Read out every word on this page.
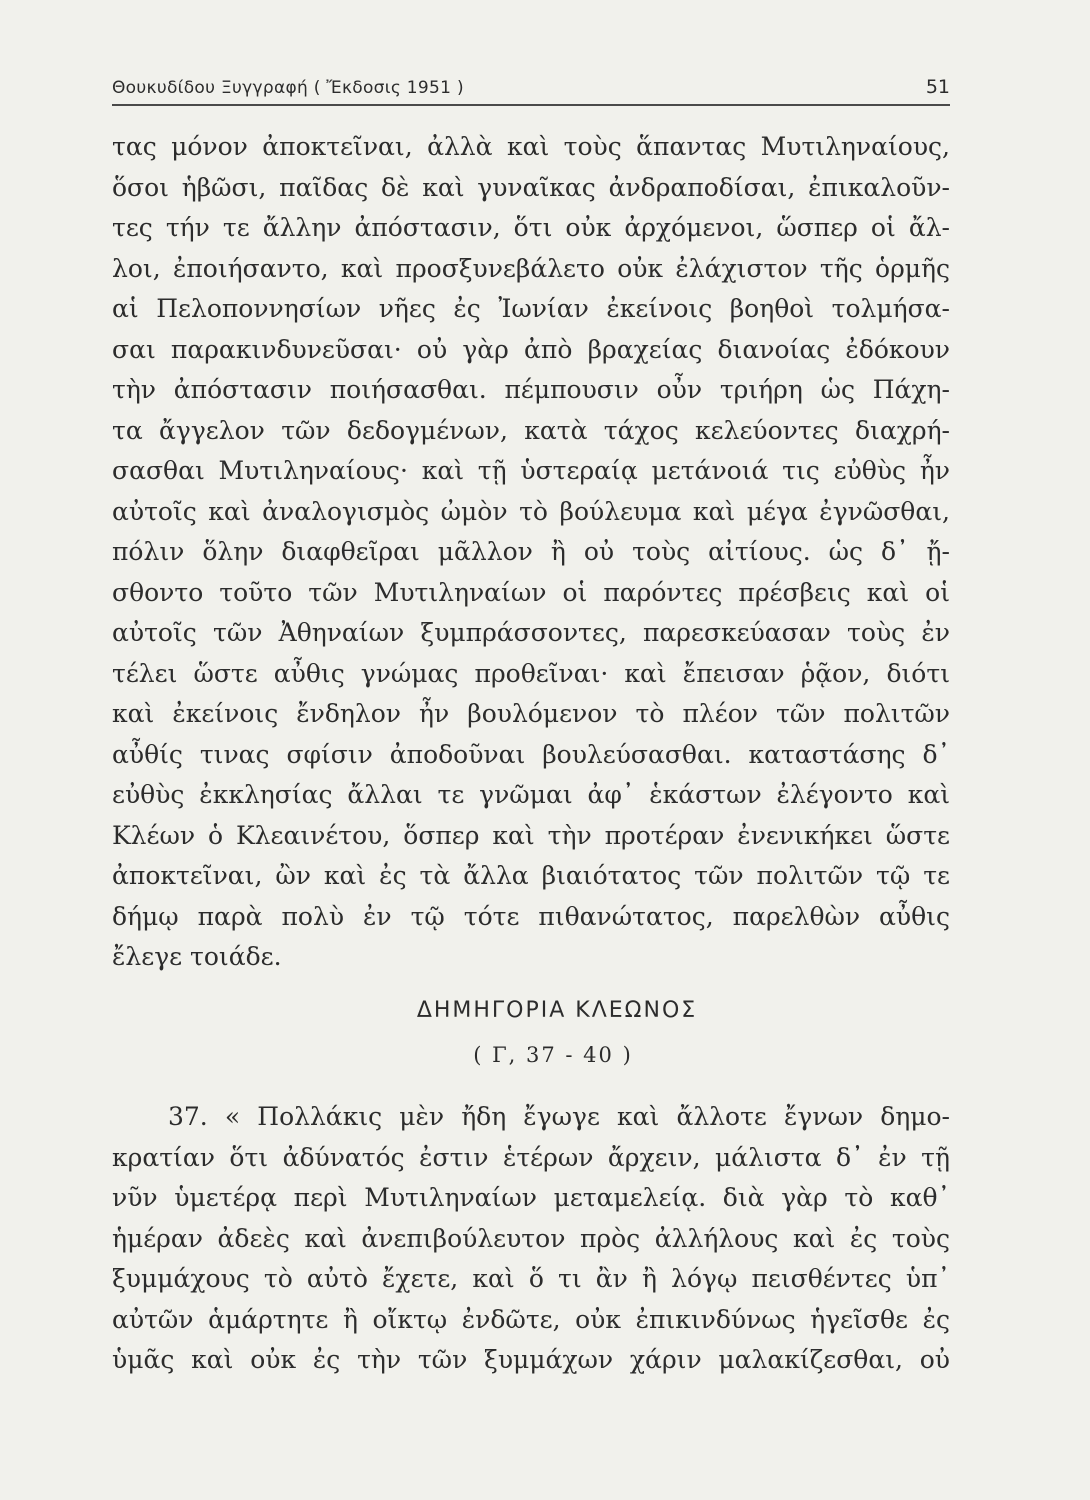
Θουκυδίδου Ξυγγραφή ( Ἔκδοσις 1951 )	51
τας μόνον ἀποκτεῖναι, ἀλλὰ καὶ τοὺς ἅπαντας Μυτιληναίους,
ὅσοι ἡβῶσι, παῖδας δὲ καὶ γυναῖκας ἀνδραποδίσαι, ἐπικαλοῦν-
τες τήν τε ἄλλην ἀπόστασιν, ὅτι οὐκ ἀρχόμενοι, ὥσπερ οἱ ἄλ-
λοι, ἐποιήσαντο, καὶ προσξυνεβάλετο οὐκ ἐλάχιστον τῆς ὁρμῆς
αἱ Πελοποννησίων νῆες ἐς Ἰωνίαν ἐκείνοις βοηθοὶ τολμήσα-
σαι παρακινδυνεῦσαι· οὐ γὰρ ἀπὸ βραχείας διανοίας ἐδόκουν
τὴν ἀπόστασιν ποιήσασθαι. πέμπουσιν οὖν τριήρη ὡς Πάχη-
τα ἄγγελον τῶν δεδογμένων, κατὰ τάχος κελεύοντες διαχρή-
σασθαι Μυτιληναίους· καὶ τῇ ὑστεραίᾳ μετάνοιά τις εὐθὺς ἦν
αὐτοῖς καὶ ἀναλογισμὸς ὠμὸν τὸ βούλευμα καὶ μέγα ἐγνῶσθαι,
πόλιν ὅλην διαφθεῖραι μᾶλλον ἢ οὐ τοὺς αἰτίους. ὡς δ᾽ ᾔ-
σθοντο τοῦτο τῶν Μυτιληναίων οἱ παρόντες πρέσβεις καὶ οἱ
αὐτοῖς τῶν Ἀθηναίων ξυμπράσσοντες, παρεσκεύασαν τοὺς ἐν
τέλει ὥστε αὖθις γνώμας προθεῖναι· καὶ ἔπεισαν ῥᾷον, διότι
καὶ ἐκείνοις ἔνδηλον ἦν βουλόμενον τὸ πλέον τῶν πολιτῶν
αὖθίς τινας σφίσιν ἀποδοῦναι βουλεύσασθαι. καταστάσης δ᾽
εὐθὺς ἐκκλησίας ἄλλαι τε γνῶμαι ἀφ᾽ ἑκάστων ἐλέγοντο καὶ
Κλέων ὁ Κλεαινέτου, ὅσπερ καὶ τὴν προτέραν ἐνενικήκει ὥστε
ἀποκτεῖναι, ὢν καὶ ἐς τὰ ἄλλα βιαιότατος τῶν πολιτῶν τῷ τε
δήμῳ παρὰ πολὺ ἐν τῷ τότε πιθανώτατος, παρελθὼν αὖθις
ἔλεγε τοιάδε.
ΔΗΜΗΓΟΡΙΑ ΚΛΕΩΝΟΣ
( Γ, 37 - 40 )
37. « Πολλάκις μὲν ἤδη ἔγωγε καὶ ἄλλοτε ἔγνων δημο-
κρατίαν ὅτι ἀδύνατός ἐστιν ἑτέρων ἄρχειν, μάλιστα δ᾽ ἐν τῇ
νῦν ὑμετέρᾳ περὶ Μυτιληναίων μεταμελείᾳ. διὰ γὰρ τὸ καθ᾽
ἡμέραν ἀδεὲς καὶ ἀνεπιβούλευτον πρὸς ἀλλήλους καὶ ἐς τοὺς
ξυμμάχους τὸ αὐτὸ ἔχετε, καὶ ὅ τι ἂν ἢ λόγῳ πεισθέντες ὑπ᾽
αὐτῶν ἁμάρτητε ἢ οἴκτῳ ἐνδῶτε, οὐκ ἐπικινδύνως ἡγεῖσθε ἐς
ὑμᾶς καὶ οὐκ ἐς τὴν τῶν ξυμμάχων χάριν μαλακίζεσθαι, οὐ
